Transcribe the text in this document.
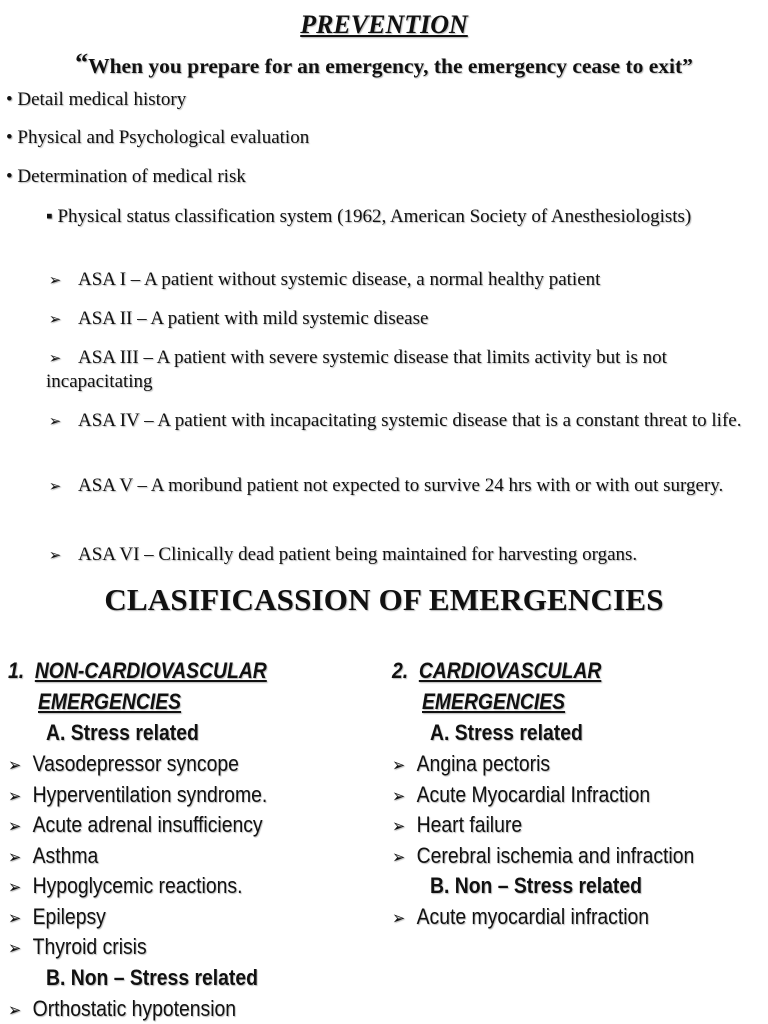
PREVENTION
“When you prepare for an emergency, the emergency cease to exit”
• Detail medical history
• Physical and Psychological evaluation
• Determination of medical risk
▪ Physical status classification system (1962, American Society of Anesthesiologists)
➢ ASA I – A patient without systemic disease, a normal healthy patient
➢ ASA II – A patient with mild systemic disease
➢ ASA III – A patient with severe systemic disease that limits activity but is not incapacitating
➢ ASA IV – A patient with incapacitating systemic disease that is a constant threat to life.
➢ ASA V – A moribund patient not expected to survive 24 hrs with or with out surgery.
➢ ASA VI – Clinically dead patient being maintained for harvesting organs.
CLASIFICASSION OF EMERGENCIES
1. NON-CARDIOVASCULAR
EMERGENCIES
A. Stress related
➢ Vasodepressor syncope
➢ Hyperventilation syndrome.
➢ Acute adrenal insufficiency
➢ Asthma
➢ Hypoglycemic reactions.
➢ Epilepsy
➢ Thyroid crisis
B. Non – Stress related
➢ Orthostatic hypotension
2. CARDIOVASCULAR
EMERGENCIES
A. Stress related
➢ Angina pectoris
➢ Acute Myocardial Infraction
➢ Heart failure
➢ Cerebral ischemia and infraction
B. Non – Stress related
➢ Acute myocardial infraction
